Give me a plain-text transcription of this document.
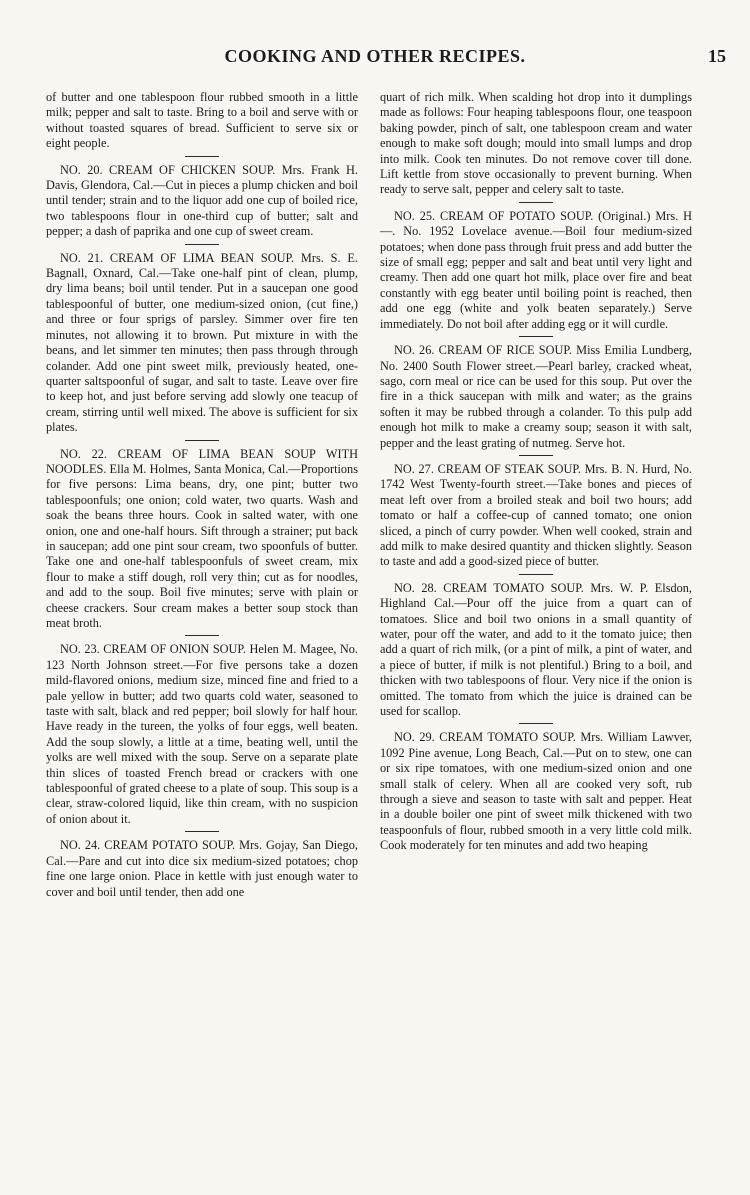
COOKING AND OTHER RECIPES.	15

of butter and one tablespoon flour rubbed smooth in a little milk; pepper and salt to taste. Bring to a boil and serve with or without toasted squares of bread. Sufficient to serve six or eight people.

NO. 20. CREAM OF CHICKEN SOUP. Mrs. Frank H. Davis, Glendora, Cal.—Cut in pieces a plump chicken and boil until tender; strain and to the liquor add one cup of boiled rice, two tablespoons flour in one-third cup of butter; salt and pepper; a dash of paprika and one cup of sweet cream.

NO. 21. CREAM OF LIMA BEAN SOUP. Mrs. S. E. Bagnall, Oxnard, Cal.—Take one-half pint of clean, plump, dry lima beans; boil until tender. Put in a saucepan one good tablespoonful of butter, one medium-sized onion, (cut fine,) and three or four sprigs of parsley. Simmer over fire ten minutes, not allowing it to brown. Put mixture in with the beans, and let simmer ten minutes; then pass through through colander. Add one pint sweet milk, previously heated, one-quarter saltspoonful of sugar, and salt to taste. Leave over fire to keep hot, and just before serving add slowly one teacup of cream, stirring until well mixed. The above is sufficient for six plates.

NO. 22. CREAM OF LIMA BEAN SOUP WITH NOODLES. Ella M. Holmes, Santa Monica, Cal.—Proportions for five persons: Lima beans, dry, one pint; butter two tablespoonfuls; one onion; cold water, two quarts. Wash and soak the beans three hours. Cook in salted water, with one onion, one and one-half hours. Sift through a strainer; put back in saucepan; add one pint sour cream, two spoonfuls of butter. Take one and one-half tablespoonfuls of sweet cream, mix flour to make a stiff dough, roll very thin; cut as for noodles, and add to the soup. Boil five minutes; serve with plain or cheese crackers. Sour cream makes a better soup stock than meat broth.

NO. 23. CREAM OF ONION SOUP. Helen M. Magee, No. 123 North Johnson street.—For five persons take a dozen mild-flavored onions, medium size, minced fine and fried to a pale yellow in butter; add two quarts cold water, seasoned to taste with salt, black and red pepper; boil slowly for half hour. Have ready in the tureen, the yolks of four eggs, well beaten. Add the soup slowly, a little at a time, beating well, until the yolks are well mixed with the soup. Serve on a separate plate thin slices of toasted French bread or crackers with one tablespoonful of grated cheese to a plate of soup. This soup is a clear, straw-colored liquid, like thin cream, with no suspicion of onion about it.

NO. 24. CREAM POTATO SOUP. Mrs. Gojay, San Diego, Cal.—Pare and cut into dice six medium-sized potatoes; chop fine one large onion. Place in kettle with just enough water to cover and boil until tender, then add one

quart of rich milk. When scalding hot drop into it dumplings made as follows: Four heaping tablespoons flour, one teaspoon baking powder, pinch of salt, one tablespoon cream and water enough to make soft dough; mould into small lumps and drop into milk. Cook ten minutes. Do not remove cover till done. Lift kettle from stove occasionally to prevent burning. When ready to serve salt, pepper and celery salt to taste.

NO. 25. CREAM OF POTATO SOUP. (Original.) Mrs. H—. No. 1952 Lovelace avenue.—Boil four medium-sized potatoes; when done pass through fruit press and add butter the size of small egg; pepper and salt and beat until very light and creamy. Then add one quart hot milk, place over fire and beat constantly with egg beater until boiling point is reached, then add one egg (white and yolk beaten separately.) Serve immediately. Do not boil after adding egg or it will curdle.

NO. 26. CREAM OF RICE SOUP. Miss Emilia Lundberg, No. 2400 South Flower street.—Pearl barley, cracked wheat, sago, corn meal or rice can be used for this soup. Put over the fire in a thick saucepan with milk and water; as the grains soften it may be rubbed through a colander. To this pulp add enough hot milk to make a creamy soup; season it with salt, pepper and the least grating of nutmeg. Serve hot.

NO. 27. CREAM OF STEAK SOUP. Mrs. B. N. Hurd, No. 1742 West Twenty-fourth street.—Take bones and pieces of meat left over from a broiled steak and boil two hours; add tomato or half a coffee-cup of canned tomato; one onion sliced, a pinch of curry powder. When well cooked, strain and add milk to make desired quantity and thicken slightly. Season to taste and add a good-sized piece of butter.

NO. 28. CREAM TOMATO SOUP. Mrs. W. P. Elsdon, Highland Cal.—Pour off the juice from a quart can of tomatoes. Slice and boil two onions in a small quantity of water, pour off the water, and add to it the tomato juice; then add a quart of rich milk, (or a pint of milk, a pint of water, and a piece of butter, if milk is not plentiful.) Bring to a boil, and thicken with two tablespoons of flour. Very nice if the onion is omitted. The tomato from which the juice is drained can be used for scallop.

NO. 29. CREAM TOMATO SOUP. Mrs. William Lawver, 1092 Pine avenue, Long Beach, Cal.—Put on to stew, one can or six ripe tomatoes, with one medium-sized onion and one small stalk of celery. When all are cooked very soft, rub through a sieve and season to taste with salt and pepper. Heat in a double boiler one pint of sweet milk thickened with two teaspoonfuls of flour, rubbed smooth in a very little cold milk. Cook moderately for ten minutes and add two heaping
